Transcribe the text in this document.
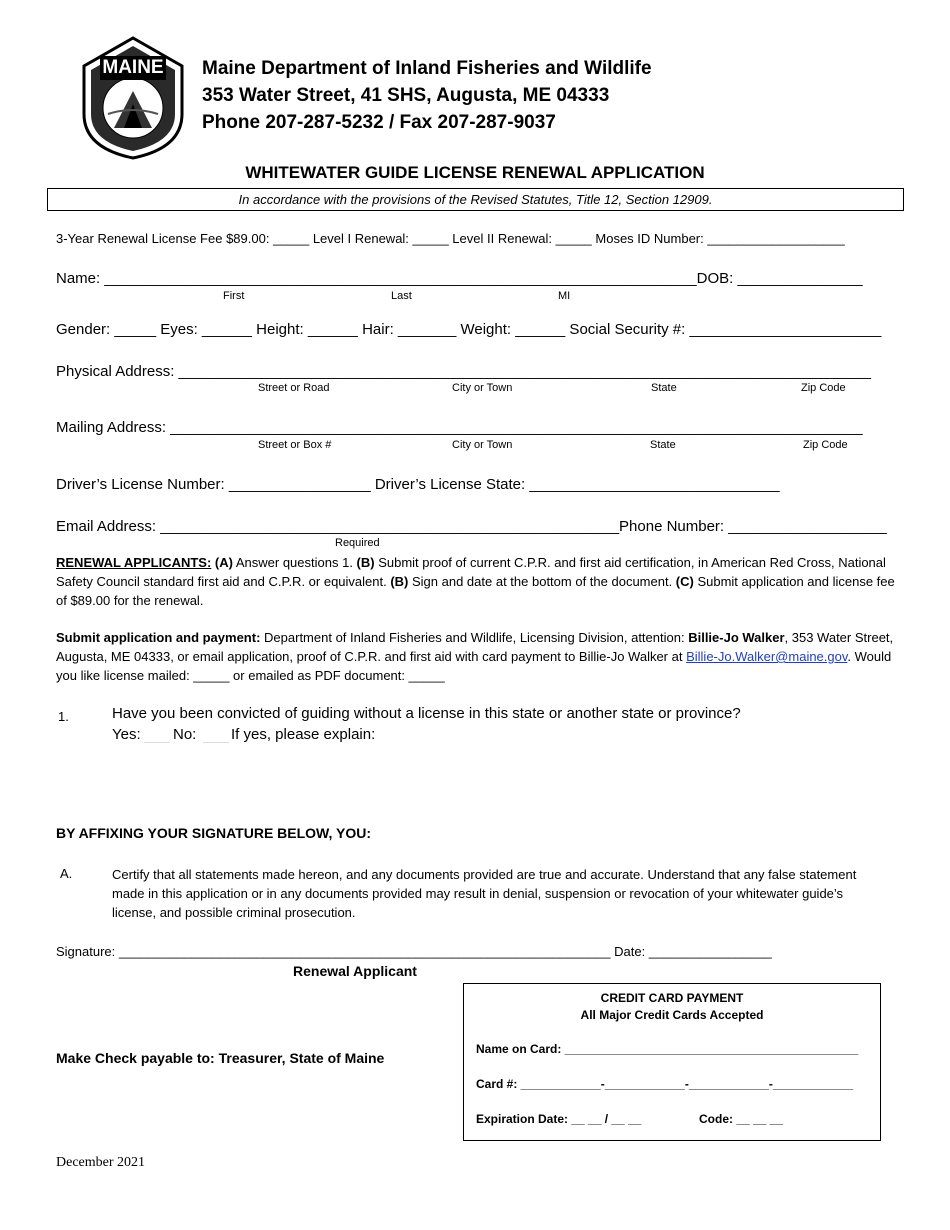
MAINE Maine Department of Inland Fisheries and Wildlife
353 Water Street, 41 SHS, Augusta, ME 04333
Phone 207-287-5232 / Fax 207-287-9037
WHITEWATER GUIDE LICENSE RENEWAL APPLICATION
In accordance with the provisions of the Revised Statutes, Title 12, Section 12909.
3-Year Renewal License Fee $89.00: _____ Level I Renewal: _____ Level II Renewal: _____ Moses ID Number: ___________________
Name: _______________________________________________________________________DOB: _______________
First	Last	MI
Gender: _____ Eyes: ______ Height: ______ Hair: _______ Weight: ______ Social Security #: _______________________
Physical Address: ___________________________________________________________________________________
Street or Road	City or Town	State	Zip Code
Mailing Address: ___________________________________________________________________________________
Street or Box #	City or Town	State	Zip Code
Driver’s License Number: _________________ Driver’s License State: ______________________________
Email Address: _______________________________________________________Phone Number: ___________________
Required
RENEWAL APPLICANTS: (A) Answer questions 1. (B) Submit proof of current C.P.R. and first aid certification, in American Red Cross, National Safety Council standard first aid and C.P.R. or equivalent. (B) Sign and date at the bottom of the document. (C) Submit application and license fee of $89.00 for the renewal.
Submit application and payment: Department of Inland Fisheries and Wildlife, Licensing Division, attention: Billie-Jo Walker, 353 Water Street, Augusta, ME 04333, or email application, proof of C.P.R. and first aid with card payment to Billie-Jo Walker at Billie-Jo.Walker@maine.gov. Would you like license mailed: _____ or emailed as PDF document: _____
1.	Have you been convicted of guiding without a license in this state or another state or province?
Yes: No: If yes, please explain:
BY AFFIXING YOUR SIGNATURE BELOW, YOU:
A.	Certify that all statements made hereon, and any documents provided are true and accurate. Understand that any false statement made in this application or in any documents provided may result in denial, suspension or revocation of your whitewater guide’s license, and possible criminal prosecution.
Signature: ____________________________________________________________________ Date: _________________
Renewal Applicant
Make Check payable to: Treasurer, State of Maine
CREDIT CARD PAYMENT
All Major Credit Cards Accepted
Name on Card: ____________________________________________
Card #: ____________-____________-____________-____________
Expiration Date: __ __ / __ __	Code: __ __ __
December 2021
